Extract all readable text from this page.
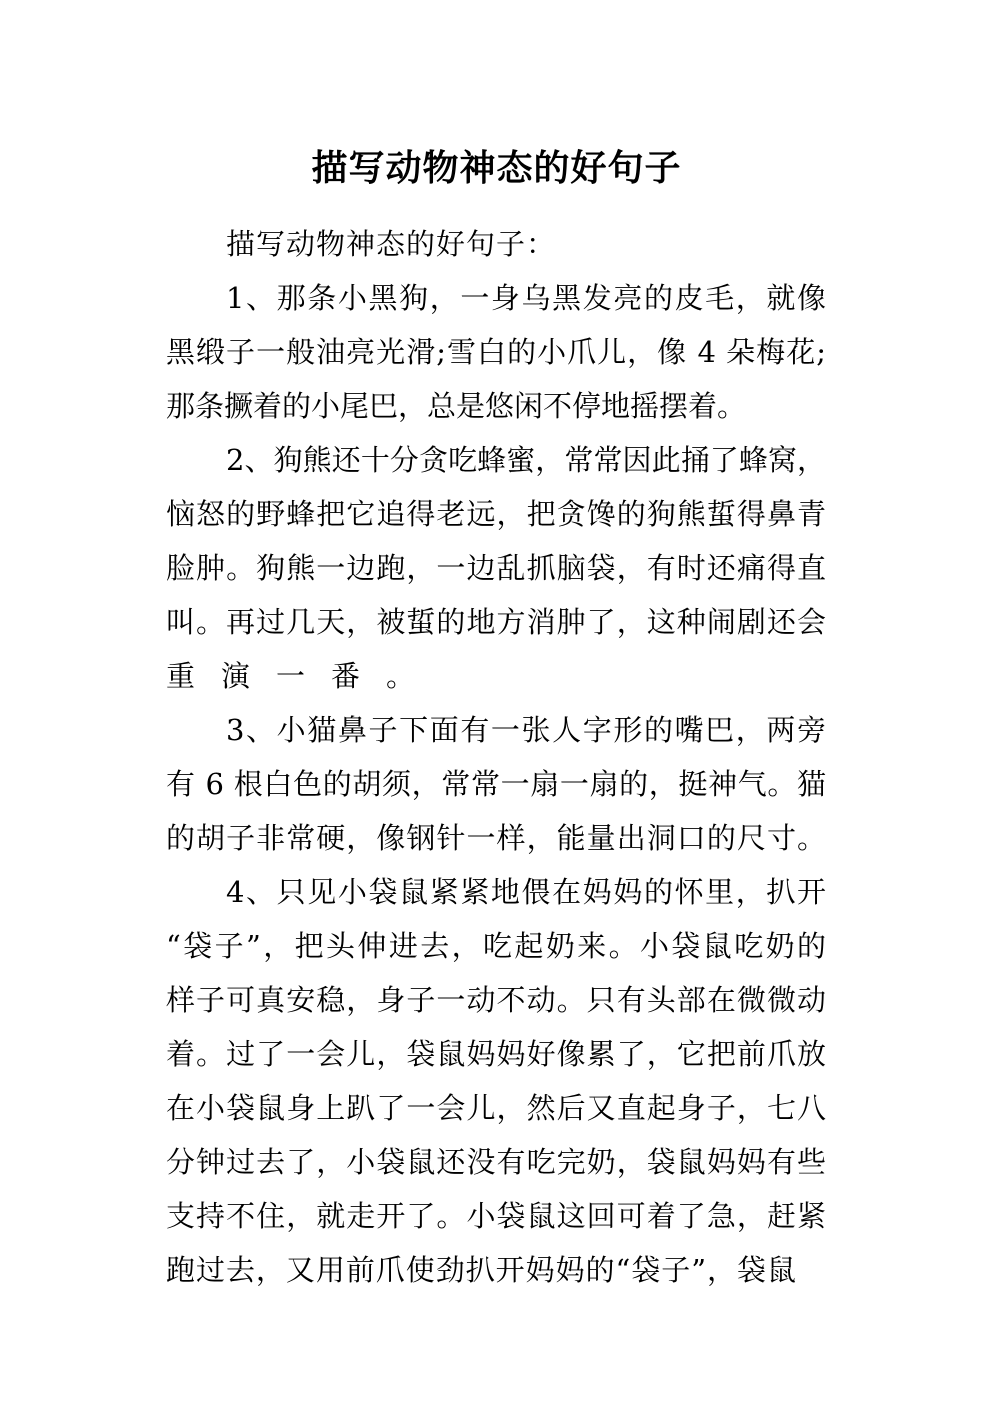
描写动物神态的好句子
描写动物神态的好句子：
1、那条小黑狗，一身乌黑发亮的皮毛，就像
黑缎子一般油亮光滑;雪白的小爪儿，像 4 朵梅花;
那条撅着的小尾巴，总是悠闲不停地摇摆着。
2、狗熊还十分贪吃蜂蜜，常常因此捅了蜂窝，
恼怒的野蜂把它追得老远，把贪馋的狗熊蜇得鼻青
脸肿。狗熊一边跑，一边乱抓脑袋，有时还痛得直
叫。再过几天，被蜇的地方消肿了，这种闹剧还会
重演一番。
3、小猫鼻子下面有一张人字形的嘴巴，两旁
有 6 根白色的胡须，常常一扇一扇的，挺神气。猫
的胡子非常硬，像钢针一样，能量出洞口的尺寸。
4、只见小袋鼠紧紧地偎在妈妈的怀里，扒开
“袋子”，把头伸进去，吃起奶来。小袋鼠吃奶的
样子可真安稳，身子一动不动。只有头部在微微动
着。过了一会儿，袋鼠妈妈好像累了，它把前爪放
在小袋鼠身上趴了一会儿，然后又直起身子，七八
分钟过去了，小袋鼠还没有吃完奶，袋鼠妈妈有些
支持不住，就走开了。小袋鼠这回可着了急，赶紧
跑过去，又用前爪使劲扒开妈妈的“袋子”，袋鼠
